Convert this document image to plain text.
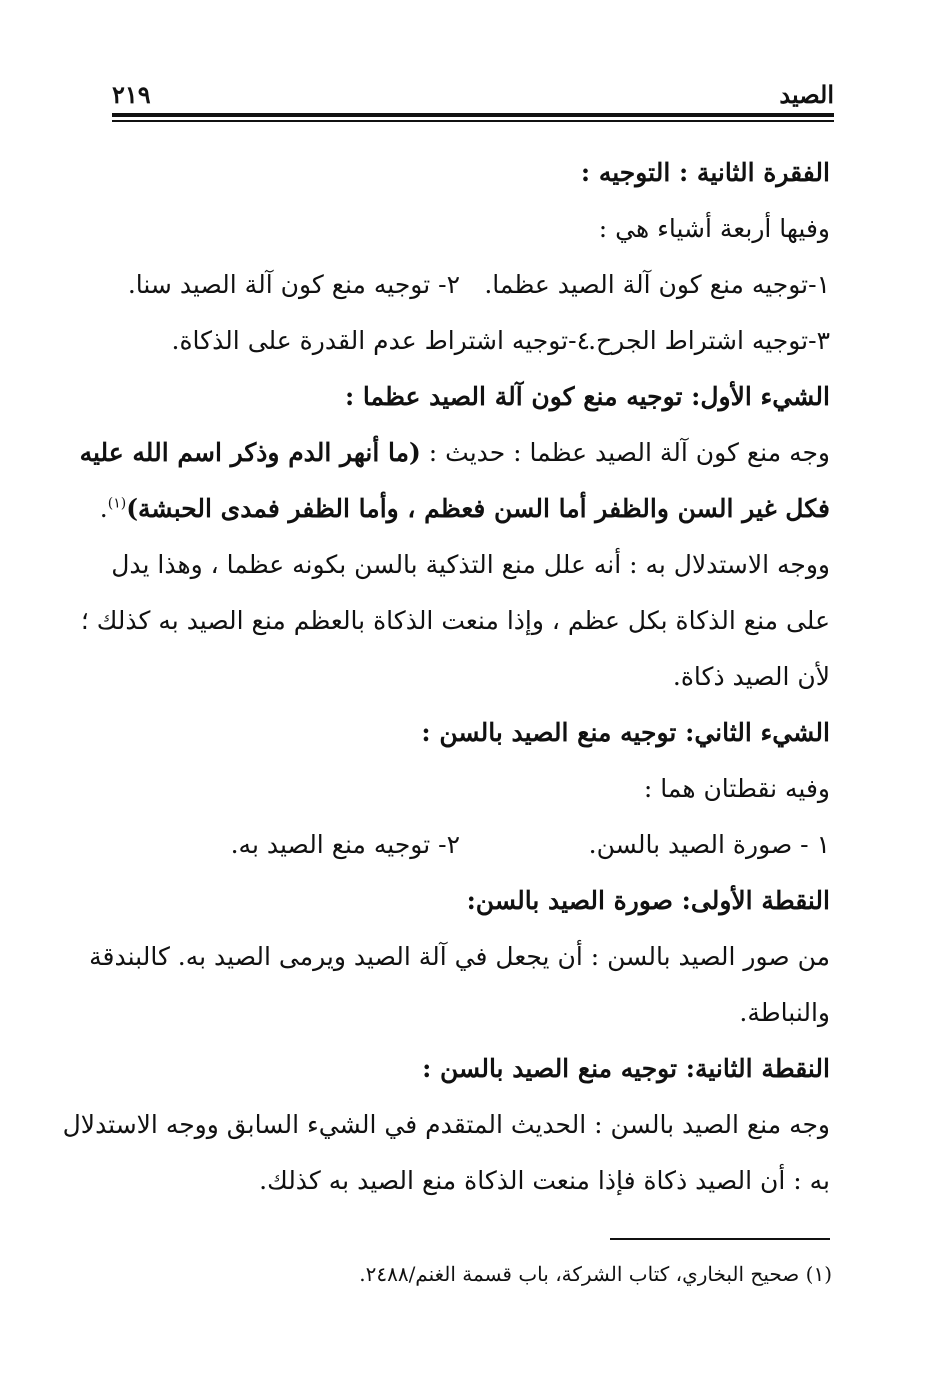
الصيد
٢١٩
الفقرة الثانية : التوجيه :
وفيها أربعة أشياء هي :
١-توجيه منع كون آلة الصيد عظما.
٢- توجيه منع كون آلة الصيد سنا.
٣-توجيه اشتراط الجرح.
٤-توجيه اشتراط عدم القدرة على الذكاة.
الشيء الأول: توجيه منع كون آلة الصيد عظما :
وجه منع كون آلة الصيد عظما : حديث : (ما أنهر الدم وذكر اسم الله عليه
فكل غير السن والظفر أما السن فعظم ، وأما الظفر فمدى الحبشة)$^{(١)}$.
ووجه الاستدلال به : أنه علل منع التذكية بالسن بكونه عظما ، وهذا يدل
على منع الذكاة بكل عظم ، وإذا منعت الذكاة بالعظم منع الصيد به كذلك ؛
لأن الصيد ذكاة.
الشيء الثاني: توجيه منع الصيد بالسن :
وفيه نقطتان هما :
١ - صورة الصيد بالسن.
٢- توجيه منع الصيد به.
النقطة الأولى: صورة الصيد بالسن:
من صور الصيد بالسن : أن يجعل في آلة الصيد ويرمى الصيد به. كالبندقة
والنباطة.
النقطة الثانية: توجيه منع الصيد بالسن :
وجه منع الصيد بالسن : الحديث المتقدم في الشيء السابق ووجه الاستدلال
به : أن الصيد ذكاة فإذا منعت الذكاة منع الصيد به كذلك.
(١) صحيح البخاري، كتاب الشركة، باب قسمة الغنم/٢٤٨٨.
